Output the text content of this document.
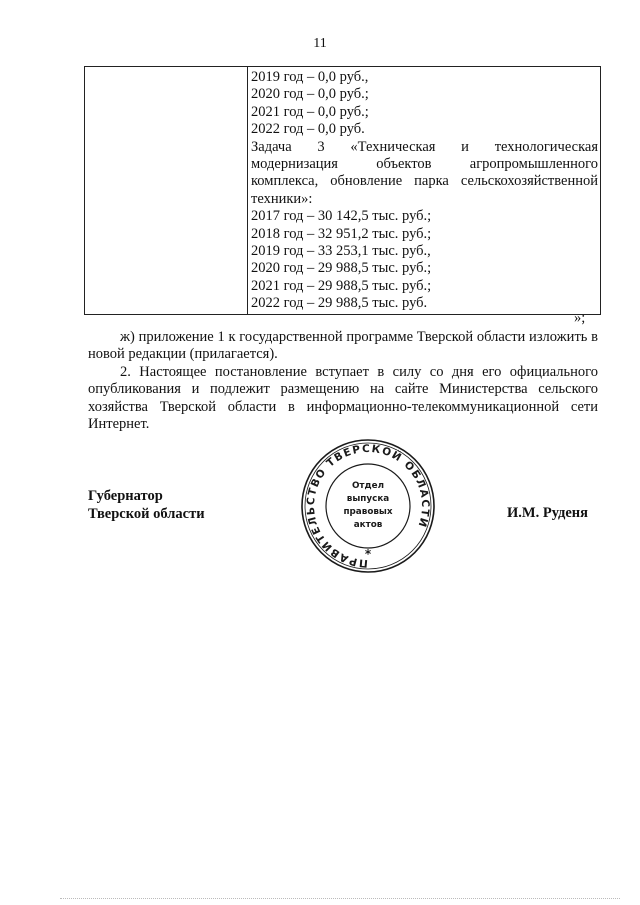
11

2019 год – 0,0 руб.,
2020 год – 0,0 руб.;
2021 год – 0,0 руб.;
2022 год – 0,0 руб.
Задача 3 «Техническая и технологическая
модернизация объектов агропромышленного
комплекса, обновление парка сельскохозяйственной
техники»:
2017 год – 30 142,5 тыс. руб.;
2018 год – 32 951,2 тыс. руб.;
2019 год – 33 253,1 тыс. руб.,
2020 год – 29 988,5 тыс. руб.;
2021 год – 29 988,5 тыс. руб.;
2022 год – 29 988,5 тыс. руб.
»;
ж) приложение 1 к государственной программе Тверской области изложить в новой редакции (прилагается).
2. Настоящее постановление вступает в силу со дня его официального опубликования и подлежит размещению на сайте Министерства сельского хозяйства Тверской области в информационно-телекоммуникационной сети Интернет.
Губернатор
Тверской области
ПРАВИТЕЛЬСТВО ТВЕРСКОЙ ОБЛАСТИ
Отдел
выпуска
правовых
актов
*
И.М. Руденя
